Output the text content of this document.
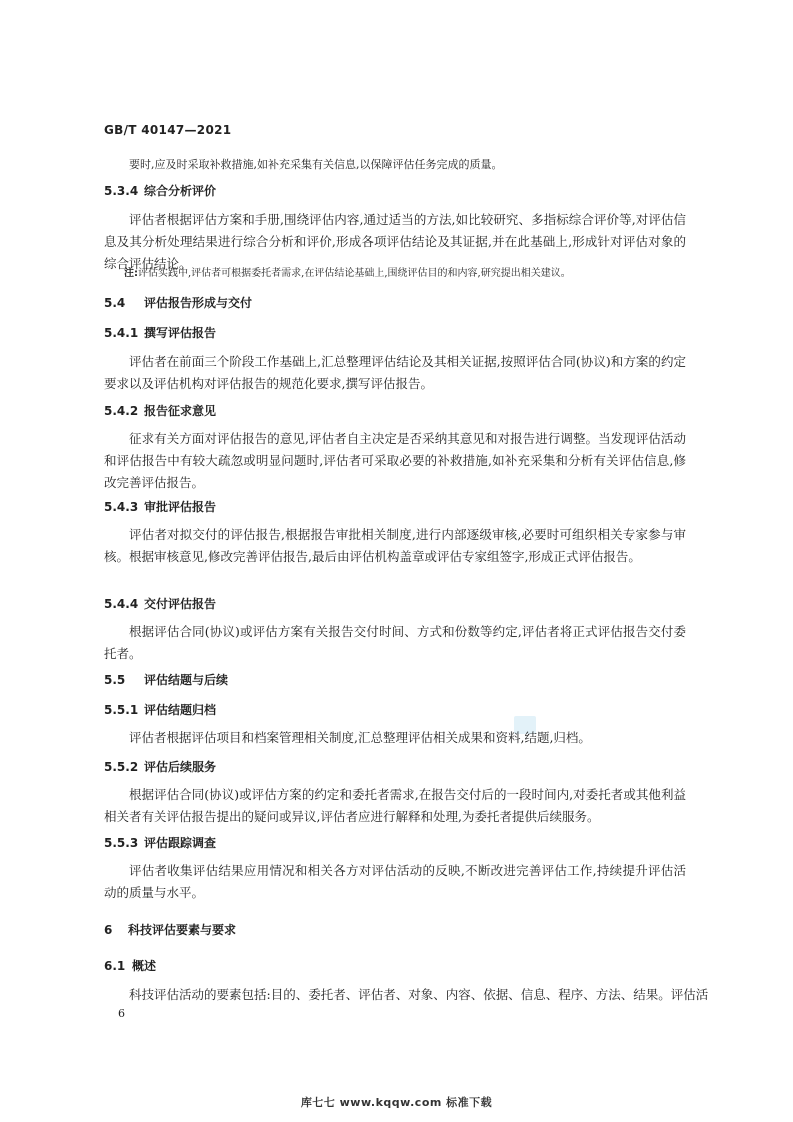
GB/T 40147—2021
要时,应及时采取补救措施,如补充采集有关信息,以保障评估任务完成的质量。
5.3.4 综合分析评价
评估者根据评估方案和手册,围绕评估内容,通过适当的方法,如比较研究、多指标综合评价等,对评估信息及其分析处理结果进行综合分析和评价,形成各项评估结论及其证据,并在此基础上,形成针对评估对象的综合评估结论。
注:评估实践中,评估者可根据委托者需求,在评估结论基础上,围绕评估目的和内容,研究提出相关建议。
5.4 评估报告形成与交付
5.4.1 撰写评估报告
评估者在前面三个阶段工作基础上,汇总整理评估结论及其相关证据,按照评估合同(协议)和方案的约定要求以及评估机构对评估报告的规范化要求,撰写评估报告。
5.4.2 报告征求意见
征求有关方面对评估报告的意见,评估者自主决定是否采纳其意见和对报告进行调整。当发现评估活动和评估报告中有较大疏忽或明显问题时,评估者可采取必要的补救措施,如补充采集和分析有关评估信息,修改完善评估报告。
5.4.3 审批评估报告
评估者对拟交付的评估报告,根据报告审批相关制度,进行内部逐级审核,必要时可组织相关专家参与审核。根据审核意见,修改完善评估报告,最后由评估机构盖章或评估专家组签字,形成正式评估报告。
5.4.4 交付评估报告
根据评估合同(协议)或评估方案有关报告交付时间、方式和份数等约定,评估者将正式评估报告交付委托者。
5.5 评估结题与后续
5.5.1 评估结题归档
评估者根据评估项目和档案管理相关制度,汇总整理评估相关成果和资料,结题,归档。
5.5.2 评估后续服务
根据评估合同(协议)或评估方案的约定和委托者需求,在报告交付后的一段时间内,对委托者或其他利益相关者有关评估报告提出的疑问或异议,评估者应进行解释和处理,为委托者提供后续服务。
5.5.3 评估跟踪调查
评估者收集评估结果应用情况和相关各方对评估活动的反映,不断改进完善评估工作,持续提升评估活动的质量与水平。
6 科技评估要素与要求
6.1 概述
科技评估活动的要素包括:目的、委托者、评估者、对象、内容、依据、信息、程序、方法、结果。评估活
6
库七七 www.kqqw.com 标准下载
